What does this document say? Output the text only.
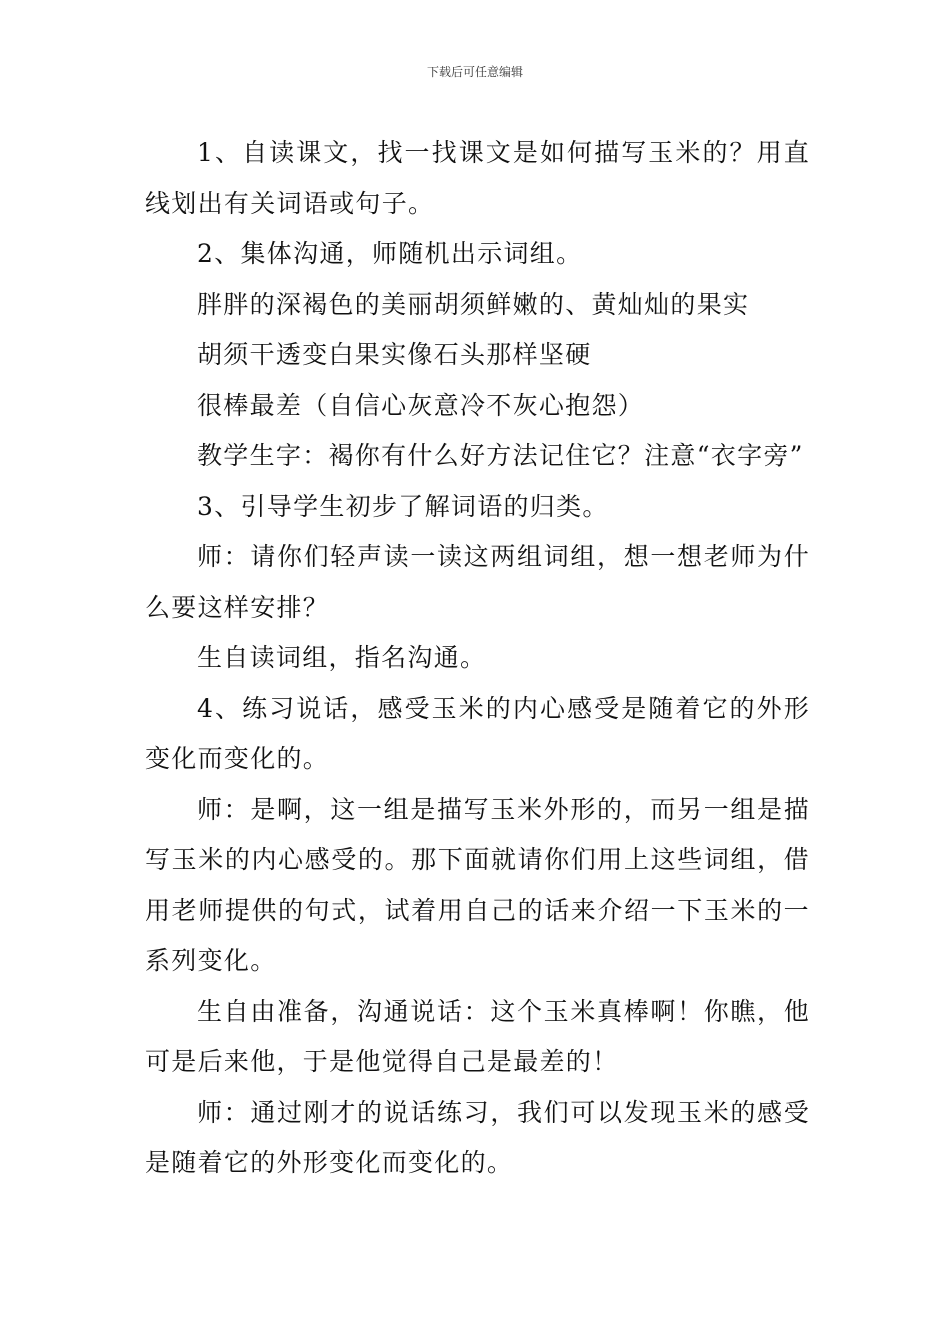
下载后可任意编辑

1、自读课文，找一找课文是如何描写玉米的？用直线划出有关词语或句子。

2、集体沟通，师随机出示词组。

胖胖的深褐色的美丽胡须鲜嫩的、黄灿灿的果实

胡须干透变白果实像石头那样坚硬

很棒最差（自信心灰意冷不灰心抱怨）

教学生字：褐你有什么好方法记住它？注意“衣字旁”

3、引导学生初步了解词语的归类。

师：请你们轻声读一读这两组词组，想一想老师为什么要这样安排？

生自读词组，指名沟通。

4、练习说话，感受玉米的内心感受是随着它的外形变化而变化的。

师：是啊，这一组是描写玉米外形的，而另一组是描写玉米的内心感受的。那下面就请你们用上这些词组，借用老师提供的句式，试着用自己的话来介绍一下玉米的一系列变化。

生自由准备，沟通说话：这个玉米真棒啊！你瞧，他可是后来他，于是他觉得自己是最差的！

师：通过刚才的说话练习，我们可以发现玉米的感受是随着它的外形变化而变化的。
